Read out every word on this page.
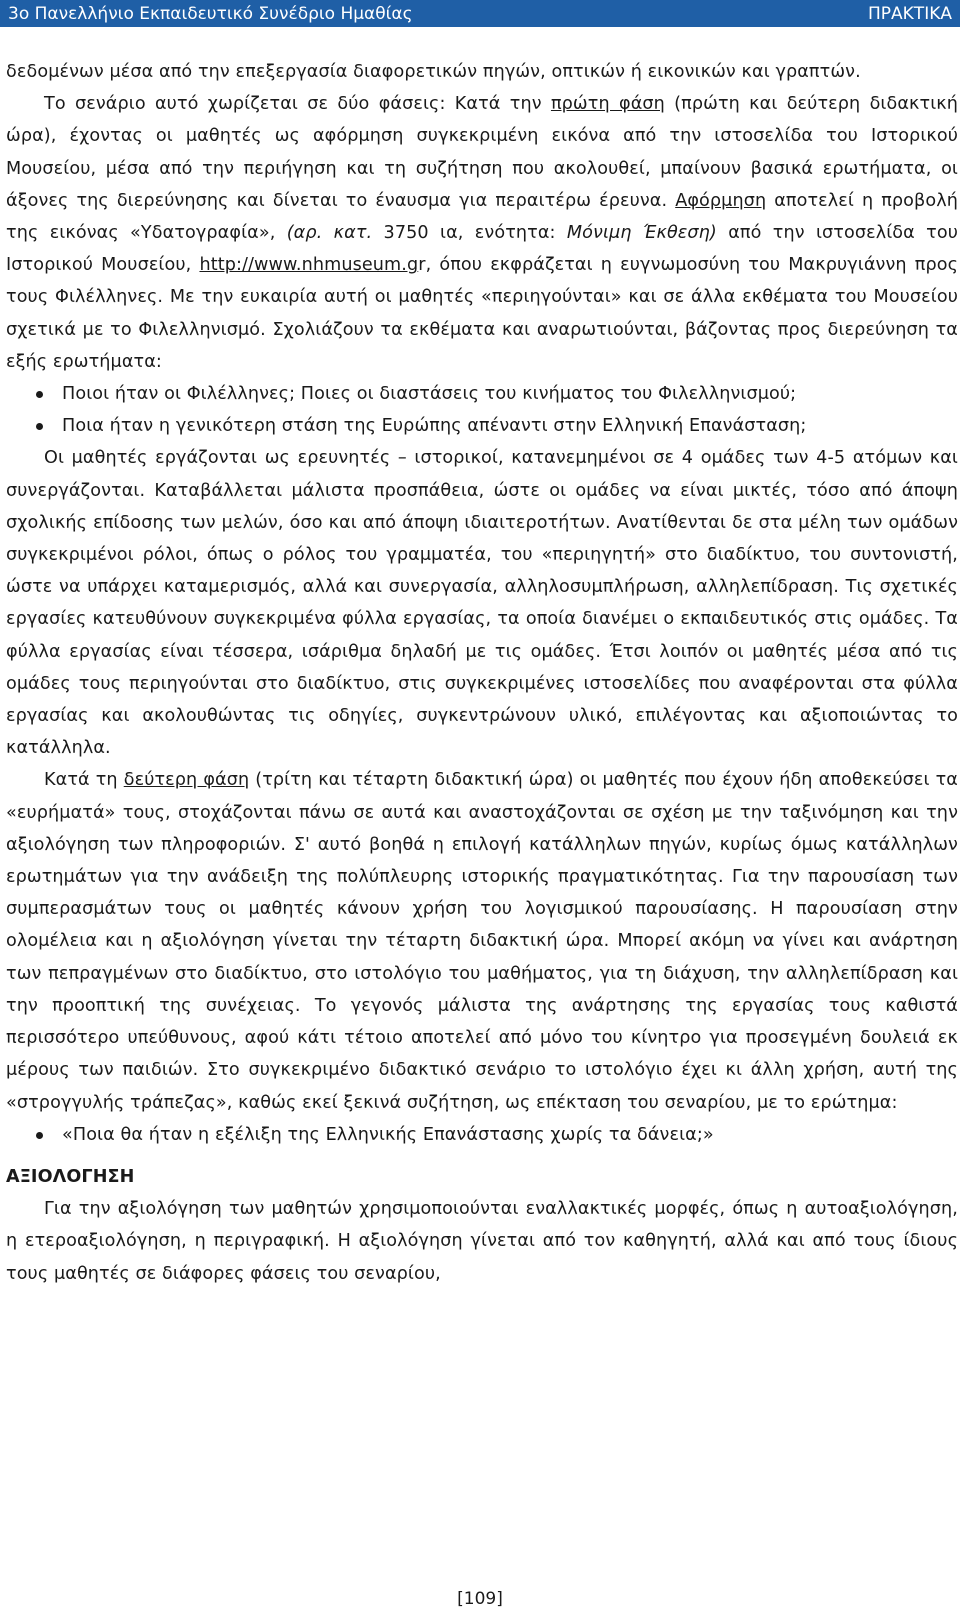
3ο Πανελλήνιο Εκπαιδευτικό Συνέδριο Ημαθίας	ΠΡΑΚΤΙΚΑ

δεδομένων μέσα από την επεξεργασία διαφορετικών πηγών, οπτικών ή εικονικών και γραπτών.

Το σενάριο αυτό χωρίζεται σε δύο φάσεις: Κατά την πρώτη φάση (πρώτη και δεύτερη διδακτική ώρα), έχοντας οι μαθητές ως αφόρμηση συγκεκριμένη εικόνα από την ιστοσελίδα του Ιστορικού Μουσείου, μέσα από την περιήγηση και τη συζήτηση που ακολουθεί, μπαίνουν βασικά ερωτήματα, οι άξονες της διερεύνησης και δίνεται το έναυσμα για περαιτέρω έρευνα. Αφόρμηση αποτελεί η προβολή της εικόνας «Υδατογραφία», (αρ. κατ. 3750 ια, ενότητα: Μόνιμη Έκθεση) από την ιστοσελίδα του Ιστορικού Μουσείου, http://www.nhmuseum.gr, όπου εκφράζεται η ευγνωμοσύνη του Μακρυγιάννη προς τους Φιλέλληνες. Με την ευκαιρία αυτή οι μαθητές «περιηγούνται» και σε άλλα εκθέματα του Μουσείου σχετικά με το Φιλελληνισμό. Σχολιάζουν τα εκθέματα και αναρωτιούνται, βάζοντας προς διερεύνηση τα εξής ερωτήματα:

Ποιοι ήταν οι Φιλέλληνες; Ποιες οι διαστάσεις του κινήματος του Φιλελληνισμού;
Ποια ήταν η γενικότερη στάση της Ευρώπης απέναντι στην Ελληνική Επανάσταση;

Οι μαθητές εργάζονται ως ερευνητές – ιστορικοί, κατανεμημένοι σε 4 ομάδες των 4-5 ατόμων και συνεργάζονται. Καταβάλλεται μάλιστα προσπάθεια, ώστε οι ομάδες να είναι μικτές, τόσο από άποψη σχολικής επίδοσης των μελών, όσο και από άποψη ιδιαιτεροτήτων. Ανατίθενται δε στα μέλη των ομάδων συγκεκριμένοι ρόλοι, όπως ο ρόλος του γραμματέα, του «περιηγητή» στο διαδίκτυο, του συντονιστή, ώστε να υπάρχει καταμερισμός, αλλά και συνεργασία, αλληλοσυμπλήρωση, αλληλεπίδραση. Τις σχετικές εργασίες κατευθύνουν συγκεκριμένα φύλλα εργασίας, τα οποία διανέμει ο εκπαιδευτικός στις ομάδες. Τα φύλλα εργασίας είναι τέσσερα, ισάριθμα δηλαδή με τις ομάδες. Έτσι λοιπόν οι μαθητές μέσα από τις ομάδες τους περιηγούνται στο διαδίκτυο, στις συγκεκριμένες ιστοσελίδες που αναφέρονται στα φύλλα εργασίας και ακολουθώντας τις οδηγίες, συγκεντρώνουν υλικό, επιλέγοντας και αξιοποιώντας το κατάλληλα.

Κατά τη δεύτερη φάση (τρίτη και τέταρτη διδακτική ώρα) οι μαθητές που έχουν ήδη αποθεκεύσει τα «ευρήματά» τους, στοχάζονται πάνω σε αυτά και αναστοχάζονται σε σχέση με την ταξινόμηση και την αξιολόγηση των πληροφοριών. Σ' αυτό βοηθά η επιλογή κατάλληλων πηγών, κυρίως όμως κατάλληλων ερωτημάτων για την ανάδειξη της πολύπλευρης ιστορικής πραγματικότητας. Για την παρουσίαση των συμπερασμάτων τους οι μαθητές κάνουν χρήση του λογισμικού παρουσίασης. Η παρουσίαση στην ολομέλεια και η αξιολόγηση γίνεται την τέταρτη διδακτική ώρα. Μπορεί ακόμη να γίνει και ανάρτηση των πεπραγμένων στο διαδίκτυο, στο ιστολόγιο του μαθήματος, για τη διάχυση, την αλληλεπίδραση και την προοπτική της συνέχειας. Το γεγονός μάλιστα της ανάρτησης της εργασίας τους καθιστά περισσότερο υπεύθυνους, αφού κάτι τέτοιο αποτελεί από μόνο του κίνητρο για προσεγμένη δουλειά εκ μέρους των παιδιών. Στο συγκεκριμένο διδακτικό σενάριο το ιστολόγιο έχει κι άλλη χρήση, αυτή της «στρογγυλής τράπεζας», καθώς εκεί ξεκινά συζήτηση, ως επέκταση του σεναρίου, με το ερώτημα:

«Ποια θα ήταν η εξέλιξη της Ελληνικής Επανάστασης χωρίς τα δάνεια;»

ΑΞΙΟΛΟΓΗΣΗ

Για την αξιολόγηση των μαθητών χρησιμοποιούνται εναλλακτικές μορφές, όπως η αυτοαξιολόγηση, η ετεροαξιολόγηση, η περιγραφική. Η αξιολόγηση γίνεται από τον καθηγητή, αλλά και από τους ίδιους τους μαθητές σε διάφορες φάσεις του σεναρίου,

[109]
